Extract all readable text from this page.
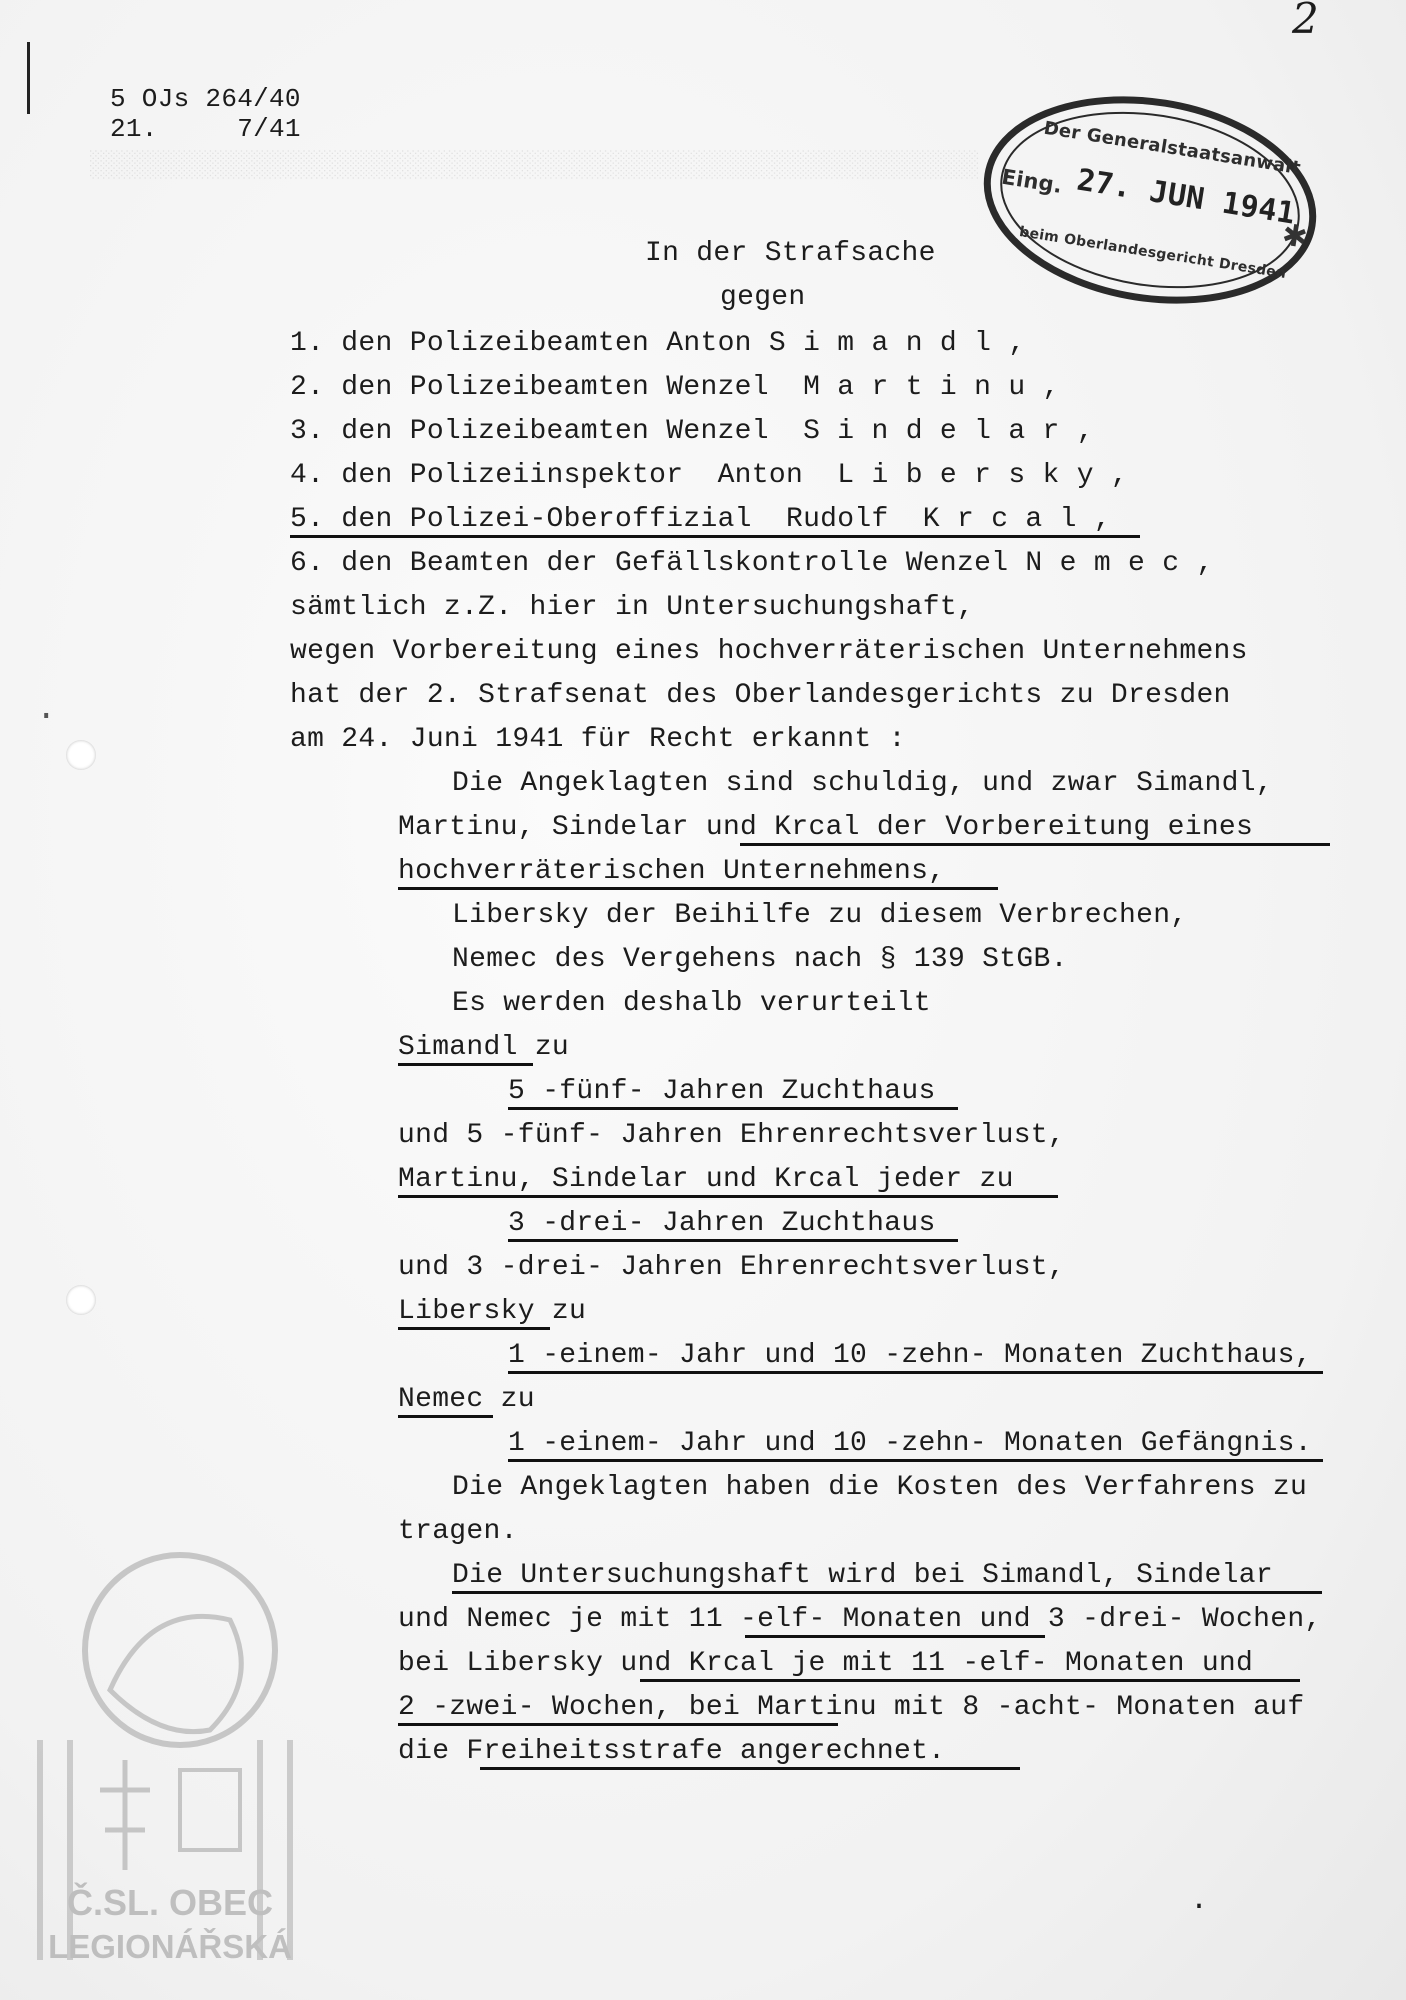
░░░░░░░░░░░░░░░░░░░░░░░░░░░░░░░░░░░░░░░░░░░░░░░░░░░░░░░░░
5 OJs 264/40
21.     7/41
2
✱
Der Generalstaatsanwalt
Eing. 27. JUN 1941
beim Oberlandesgericht Dresden
In der Strafsache
gegen
1. den Polizeibeamten Anton S i m a n d l ,
2. den Polizeibeamten Wenzel  M a r t i n u ,
3. den Polizeibeamten Wenzel  S i n d e l a r ,
4. den Polizeiinspektor  Anton  L i b e r s k y ,
5. den Polizei-Oberoffizial  Rudolf  K r c a l ,
6. den Beamten der Gefällskontrolle Wenzel N e m e c ,
sämtlich z.Z. hier in Untersuchungshaft,
wegen Vorbereitung eines hochverräterischen Unternehmens
hat der 2. Strafsenat des Oberlandesgerichts zu Dresden
am 24. Juni 1941 für Recht erkannt :
Die Angeklagten sind schuldig, und zwar Simandl,
Martinu, Sindelar und Krcal der Vorbereitung eines
hochverräterischen Unternehmens,
Libersky der Beihilfe zu diesem Verbrechen,
Nemec des Vergehens nach § 139 StGB.
Es werden deshalb verurteilt
Simandl zu
5 -fünf- Jahren Zuchthaus
und 5 -fünf- Jahren Ehrenrechtsverlust,
Martinu, Sindelar und Krcal jeder zu
3 -drei- Jahren Zuchthaus
und 3 -drei- Jahren Ehrenrechtsverlust,
Libersky zu
1 -einem- Jahr und 10 -zehn- Monaten Zuchthaus,
Nemec zu
1 -einem- Jahr und 10 -zehn- Monaten Gefängnis.
Die Angeklagten haben die Kosten des Verfahrens zu
tragen.
Die Untersuchungshaft wird bei Simandl, Sindelar
und Nemec je mit 11 -elf- Monaten und 3 -drei- Wochen,
bei Libersky und Krcal je mit 11 -elf- Monaten und
2 -zwei- Wochen, bei Martinu mit 8 -acht- Monaten auf
die Freiheitsstrafe angerechnet.
·
Č.SL. OBEC
LEGIONÁŘSKÁ
·
